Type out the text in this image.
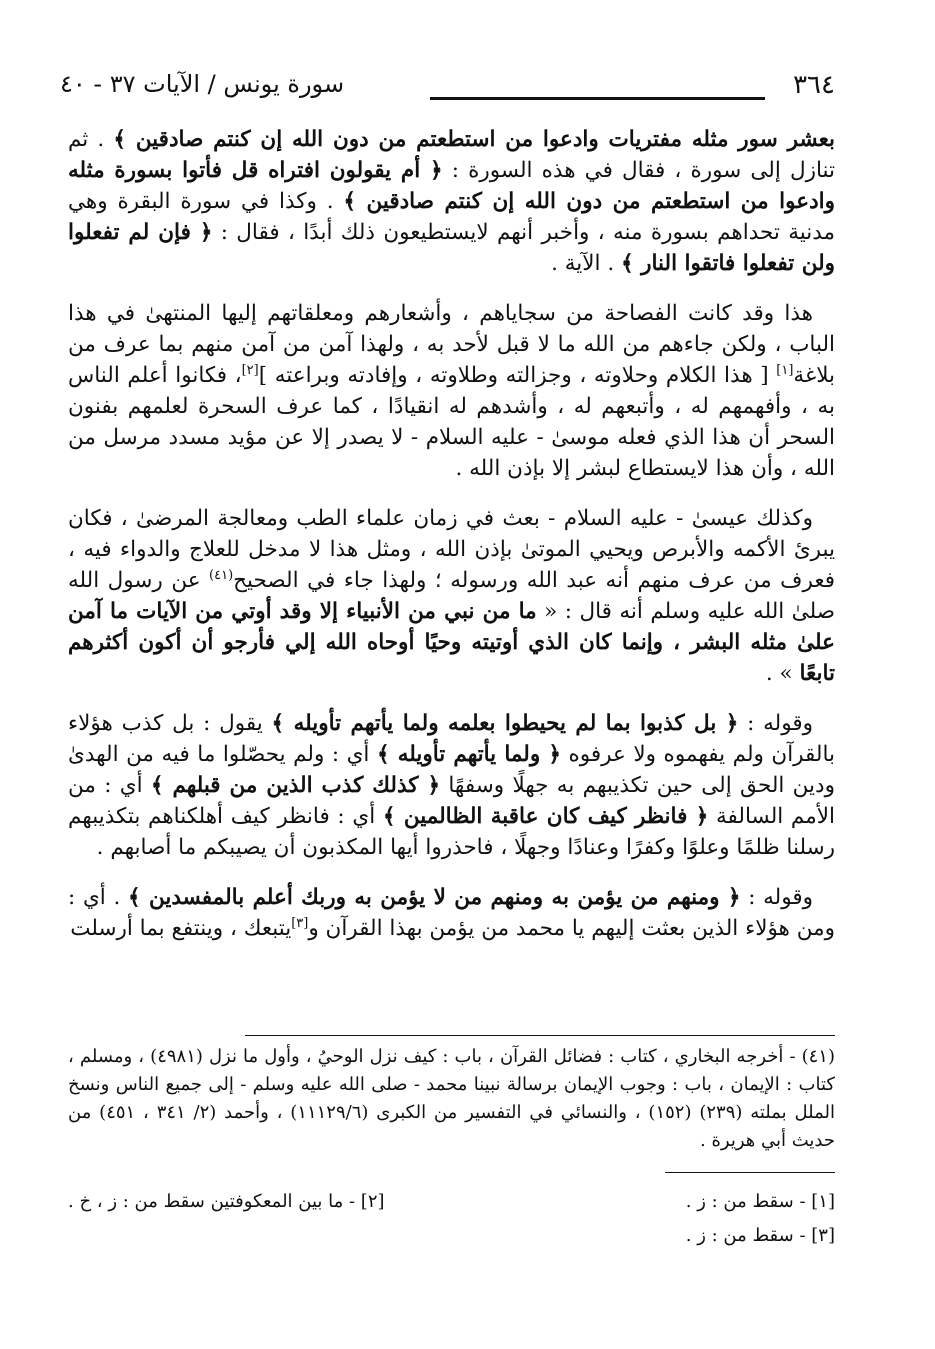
٣٦٤
سورة يونس / الآيات ٣٧ - ٤٠

بعشر سور مثله مفتريات وادعوا من استطعتم من دون الله إن كنتم صادقين ﴾ . ثم تنازل إلى سورة ، فقال في هذه السورة : ﴿ أم يقولون افتراه قل فأتوا بسورة مثله وادعوا من استطعتم من دون الله إن كنتم صادقين ﴾ . وكذا في سورة البقرة وهي مدنية تحداهم بسورة منه ، وأخبر أنهم لايستطيعون ذلك أبدًا ، فقال : ﴿ فإن لم تفعلوا ولن تفعلوا فاتقوا النار ﴾ . الآية .

هذا وقد كانت الفصاحة من سجاياهم ، وأشعارهم ومعلقاتهم إليها المنتهىٰ في هذا الباب ، ولكن جاءهم من الله ما لا قبل لأحد به ، ولهذا آمن من آمن منهم بما عرف من بلاغة[١] [ هذا الكلام وحلاوته ، وجزالته وطلاوته ، وإفادته وبراعته ][٢]، فكانوا أعلم الناس به ، وأفهمهم له ، وأتبعهم له ، وأشدهم له انقيادًا ، كما عرف السحرة لعلمهم بفنون السحر أن هذا الذي فعله موسىٰ - عليه السلام - لا يصدر إلا عن مؤيد مسدد مرسل من الله ، وأن هذا لايستطاع لبشر إلا بإذن الله .

وكذلك عيسىٰ - عليه السلام - بعث في زمان علماء الطب ومعالجة المرضىٰ ، فكان يبرئ الأكمه والأبرص ويحيي الموتىٰ بإذن الله ، ومثل هذا لا مدخل للعلاج والدواء فيه ، فعرف من عرف منهم أنه عبد الله ورسوله ؛ ولهذا جاء في الصحيح$^{(٤١)}$ عن رسول الله صلىٰ الله عليه وسلم أنه قال : « ما من نبي من الأنبياء إلا وقد أوتي من الآيات ما آمن علىٰ مثله البشر ، وإنما كان الذي أوتيته وحيًا أوحاه الله إلي فأرجو أن أكون أكثرهم تابعًا » .

وقوله : ﴿ بل كذبوا بما لم يحيطوا بعلمه ولما يأتهم تأويله ﴾ يقول : بل كذب هؤلاء بالقرآن ولم يفهموه ولا عرفوه ﴿ ولما يأتهم تأويله ﴾ أي : ولم يحصّلوا ما فيه من الهدىٰ ودين الحق إلى حين تكذيبهم به جهلًا وسفهًا ﴿ كذلك كذب الذين من قبلهم ﴾ أي : من الأمم السالفة ﴿ فانظر كيف كان عاقبة الظالمين ﴾ أي : فانظر كيف أهلكناهم بتكذيبهم رسلنا ظلمًا وعلوًا وكفرًا وعنادًا وجهلًا ، فاحذروا أيها المكذبون أن يصيبكم ما أصابهم .

وقوله : ﴿ ومنهم من يؤمن به ومنهم من لا يؤمن به وربك أعلم بالمفسدين ﴾ . أي : ومن هؤلاء الذين بعثت إليهم يا محمد من يؤمن بهذا القرآن و[٣]يتبعك ، وينتفع بما أرسلت

(٤١) - أخرجه البخاري ، كتاب : فضائل القرآن ، باب : كيف نزل الوحيُ ، وأول ما نزل (٤٩٨١) ، ومسلم ، كتاب : الإيمان ، باب : وجوب الإيمان برسالة نبينا محمد - صلى الله عليه وسلم - إلى جميع الناس ونسخ الملل بملته (٢٣٩) (١٥٢) ، والنسائي في التفسير من الكبرى (١١١٢٩/٦) ، وأحمد (٢/ ٣٤١ ، ٤٥١) من حديث أبي هريرة .

[١] - سقط من : ز .
[٢] - ما بين المعكوفتين سقط من : ز ، خ .
[٣] - سقط من : ز .
